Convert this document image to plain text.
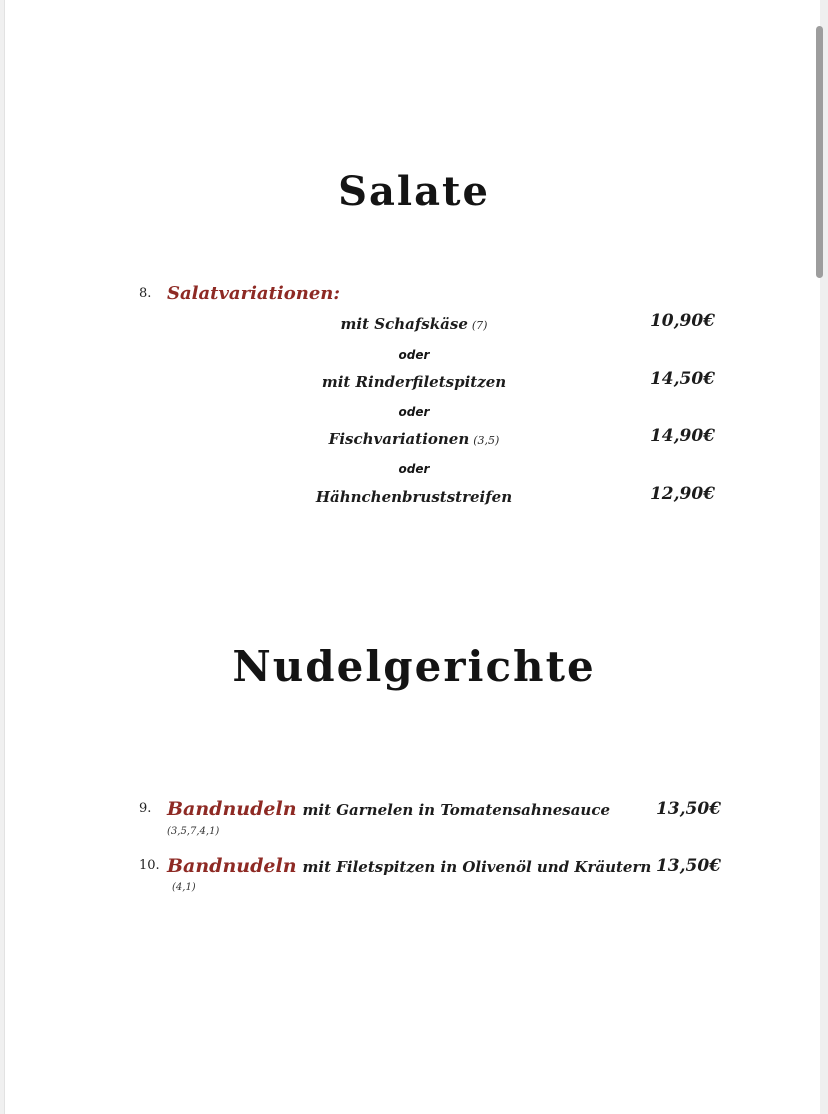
Salate
8. Salatvariationen:
mit Schafskäse (7)	10,90€
oder
mit Rinderfiletspitzen	14,50€
oder
Fischvariationen (3,5)	14,90€
oder
Hähnchenbruststreifen	12,90€
Nudelgerichte
9. Bandnudeln mit Garnelen in Tomatensahnesauce	13,50€
(3,5,7,4,1)
10. Bandnudeln mit Filetspitzen in Olivenöl und Kräutern 13,50€
(4,1)
